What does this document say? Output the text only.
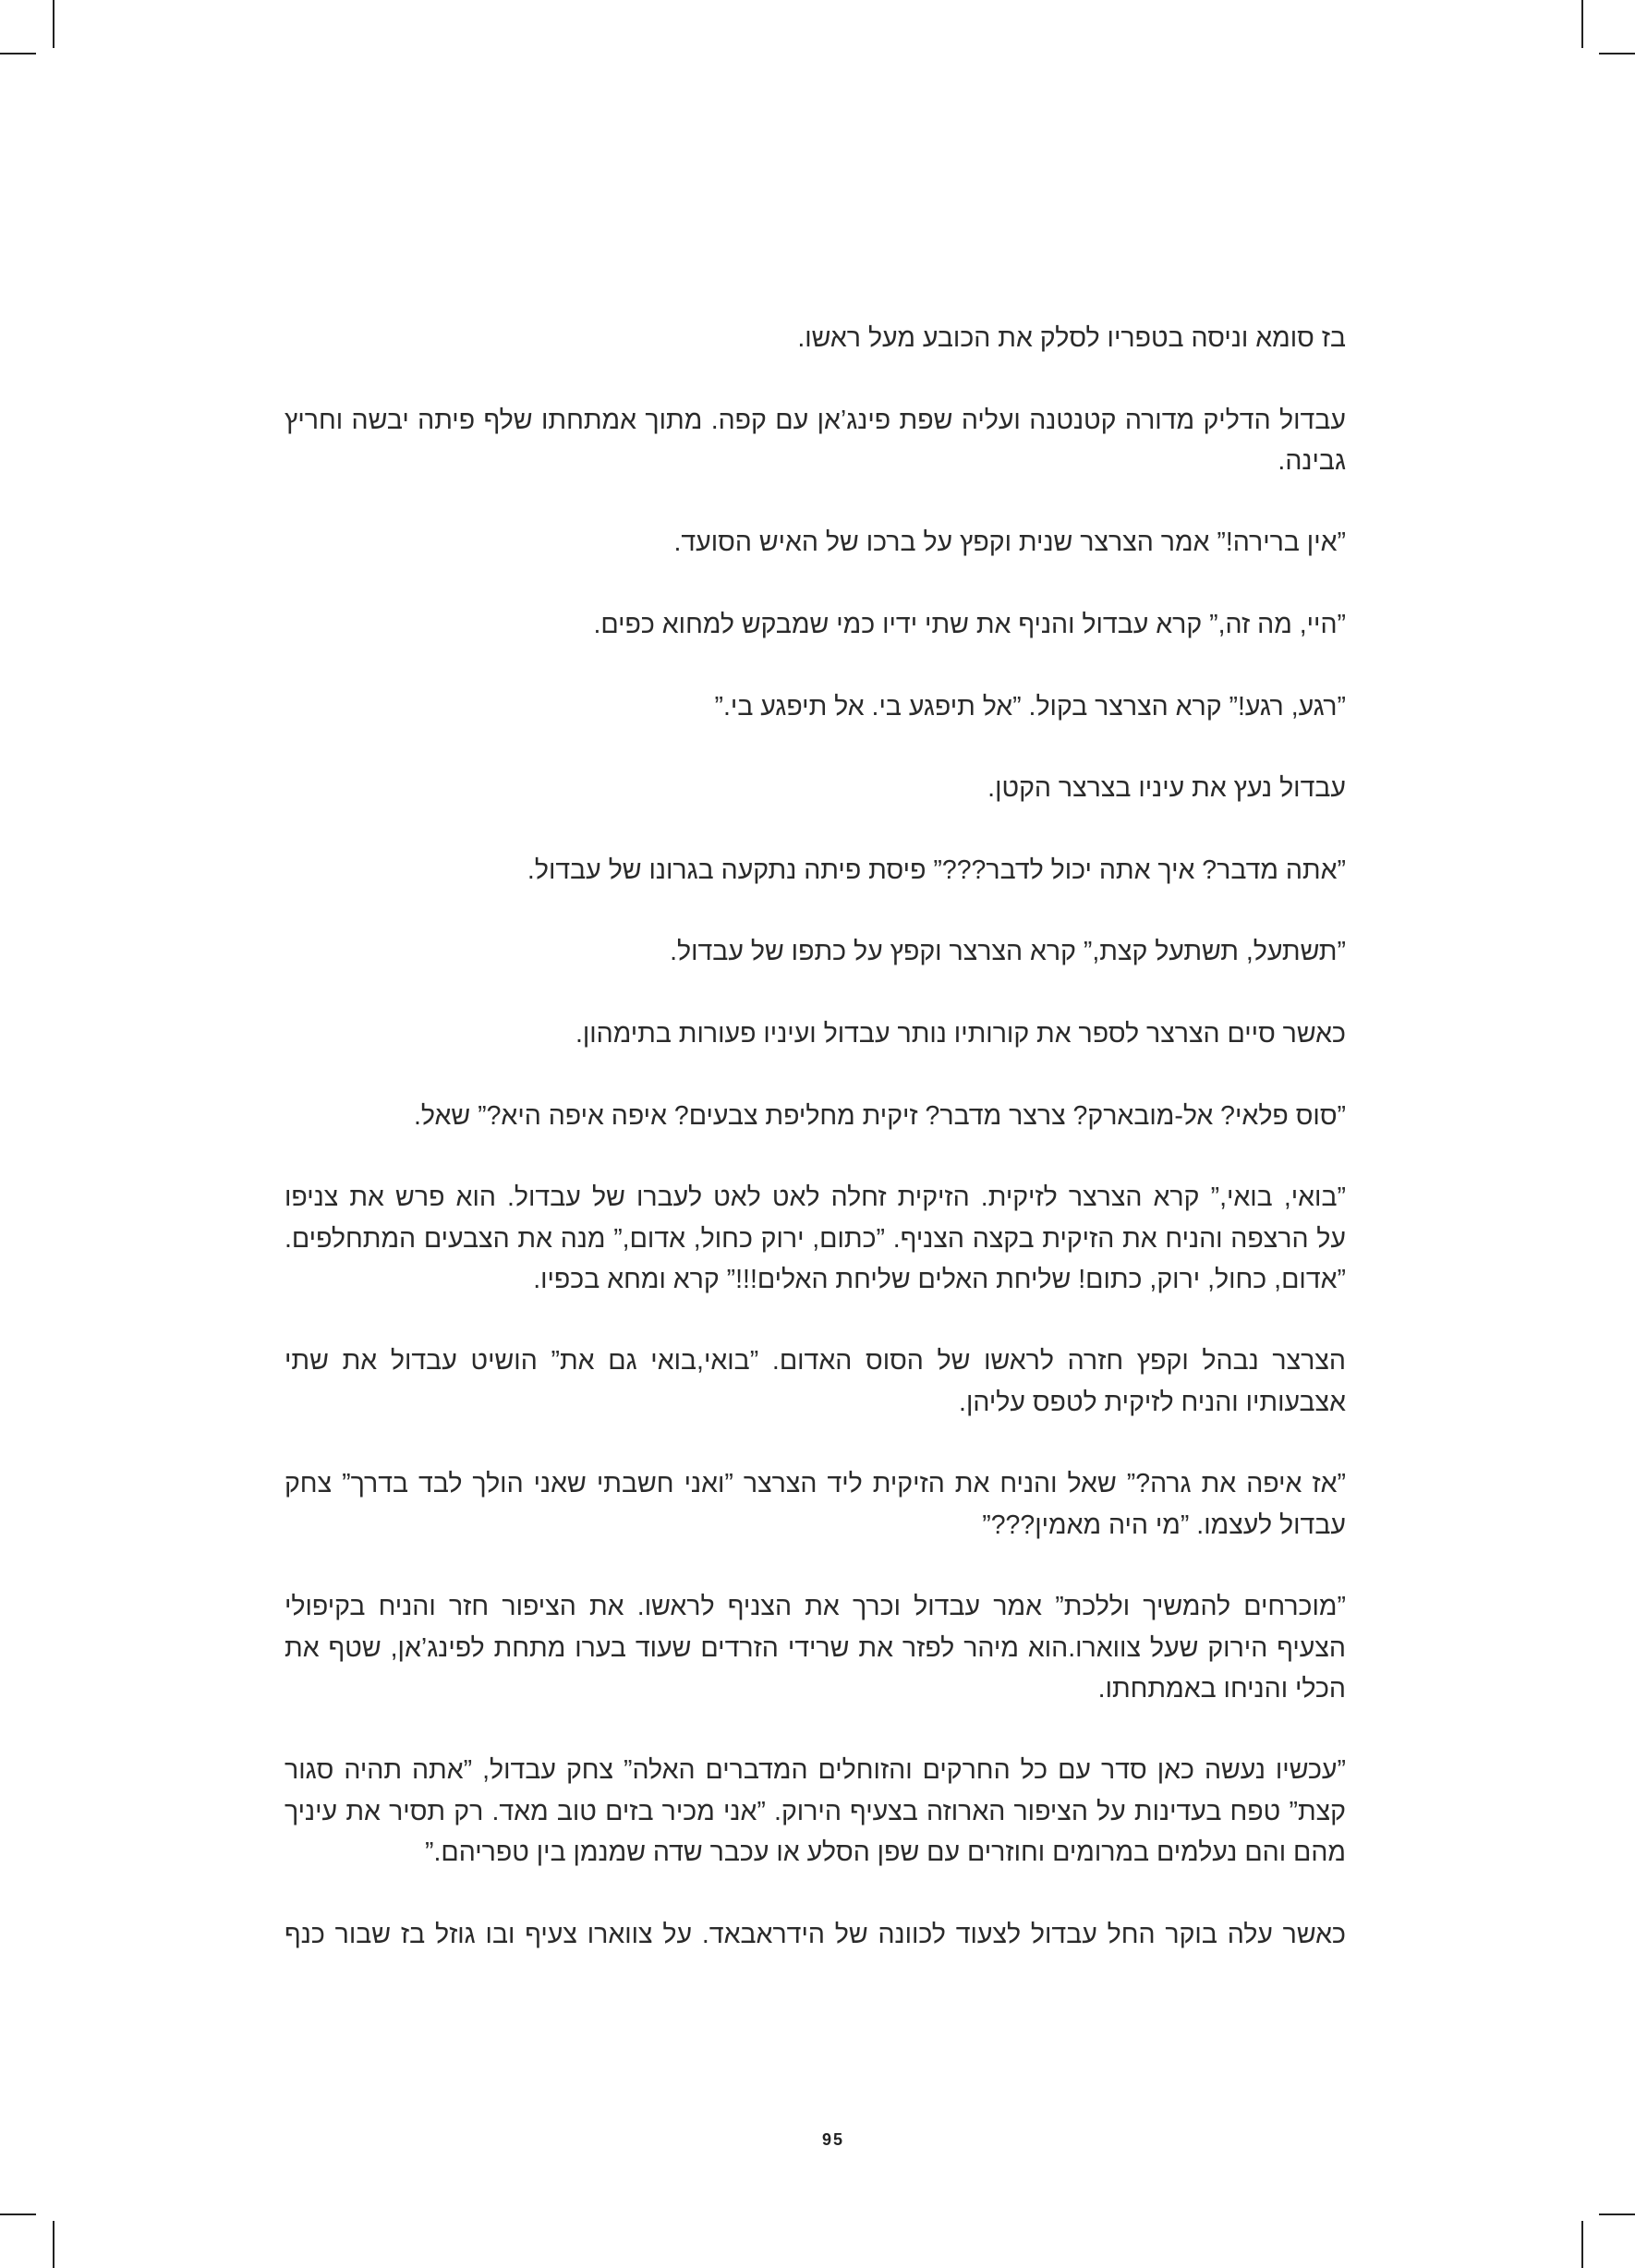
בז סומא וניסה בטפריו לסלק את הכובע מעל ראשו.
עבדול הדליק מדורה קטנטנה ועליה שפת פינג’אן עם קפה. מתוך אמתחתו שלף פיתה יבשה וחריץ
גבינה.
”אין ברירה!” אמר הצרצר שנית וקפץ על ברכו של האיש הסועד.
”היי, מה זה,” קרא עבדול והניף את שתי ידיו כמי שמבקש למחוא כפים.
”רגע, רגע!” קרא הצרצר בקול. ”אל תיפגע בי. אל תיפגע בי.”
עבדול נעץ את עיניו בצרצר הקטן.
”אתה מדבר? איך אתה יכול לדבר???” פיסת פיתה נתקעה בגרונו של עבדול.
”תשתעל, תשתעל קצת,” קרא הצרצר וקפץ על כתפו של עבדול.
כאשר סיים הצרצר לספר את קורותיו נותר עבדול ועיניו פעורות בתימהון.
”סוס פלאי? אל-מובארק? צרצר מדבר? זיקית מחליפת צבעים? איפה איפה היא?” שאל.
”בואי, בואי,” קרא הצרצר לזיקית. הזיקית זחלה לאט לאט לעברו של עבדול. הוא פרש את צניפו
על הרצפה והניח את הזיקית בקצה הצניף. ”כתום, ירוק כחול, אדום,” מנה את הצבעים המתחלפים.
”אדום, כחול, ירוק, כתום! שליחת האלים שליחת האלים!!!” קרא ומחא בכפיו.
הצרצר נבהל וקפץ חזרה לראשו של הסוס האדום. ”בואי,בואי גם את” הושיט עבדול את שתי
אצבעותיו והניח לזיקית לטפס עליהן.
”אז איפה את גרה?” שאל והניח את הזיקית ליד הצרצר ”ואני חשבתי שאני הולך לבד בדרך” צחק
עבדול לעצמו. ”מי היה מאמין???”
”מוכרחים להמשיך וללכת” אמר עבדול וכרך את הצניף לראשו. את הציפור חזר והניח בקיפולי
הצעיף הירוק שעל צווארו.הוא מיהר לפזר את שרידי הזרדים שעוד בערו מתחת לפינג’אן, שטף את
הכלי והניחו באמתחתו.
”עכשיו נעשה כאן סדר עם כל החרקים והזוחלים המדברים האלה” צחק עבדול, ”אתה תהיה סגור
קצת” טפח בעדינות על הציפור הארוזה בצעיף הירוק. ”אני מכיר בזים טוב מאד. רק תסיר את עיניך
מהם והם נעלמים במרומים וחוזרים עם שפן הסלע או עכבר שדה שמנמן בין טפריהם.”
כאשר עלה בוקר החל עבדול לצעוד לכוונה של הידראבאד. על צווארו צעיף ובו גוזל בז שבור כנף
95
